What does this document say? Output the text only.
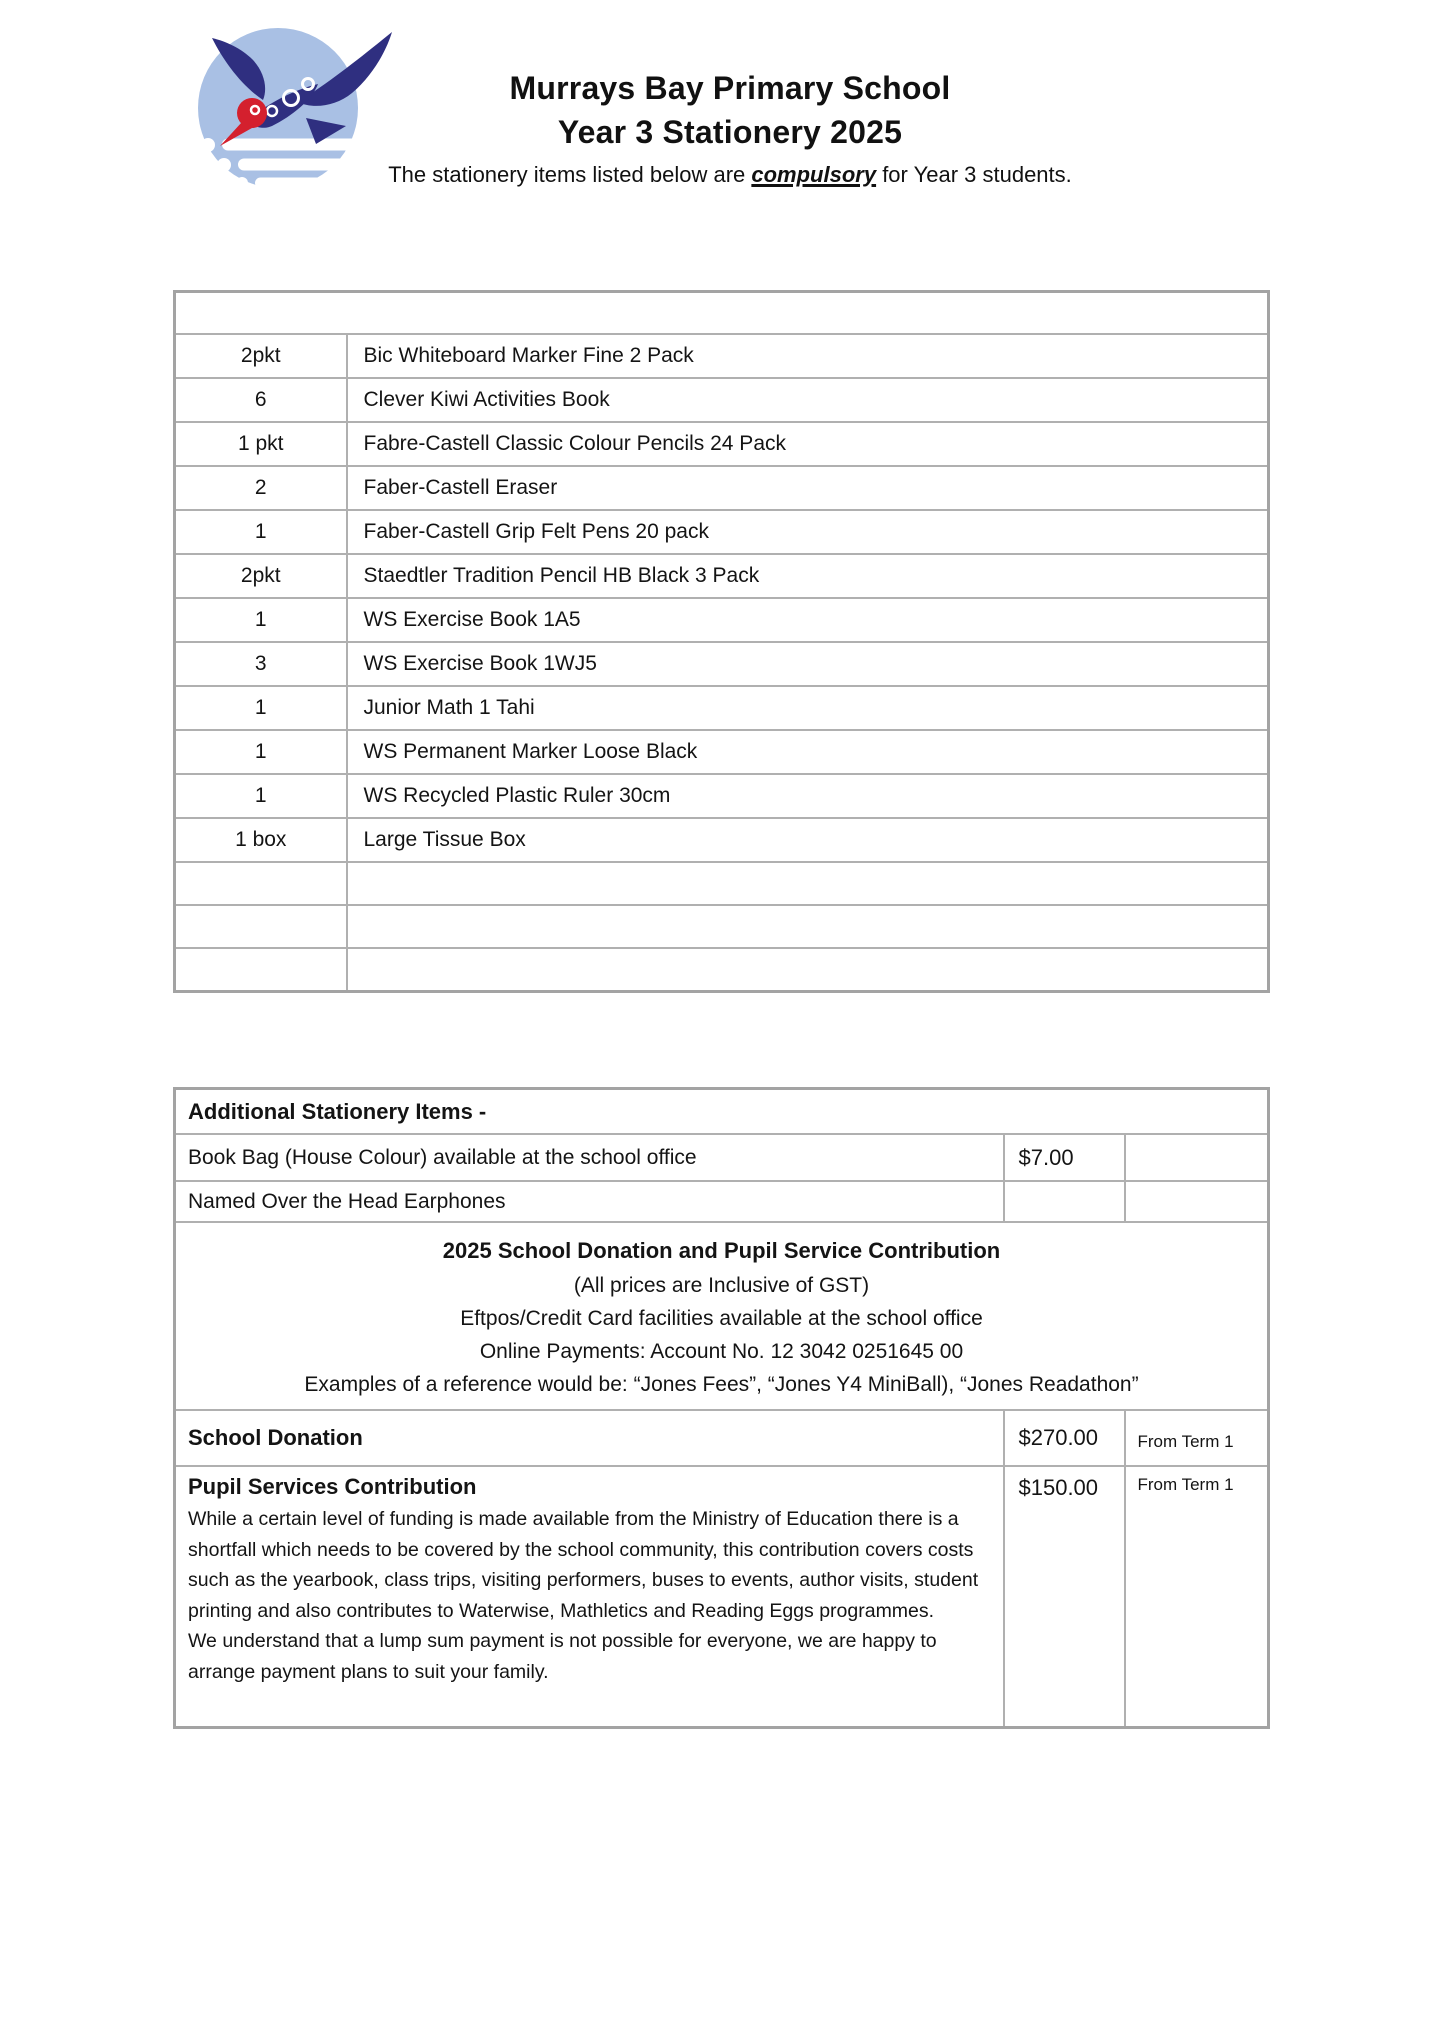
Murrays Bay Primary School
Year 3 Stationery 2025

The stationery items listed below are compulsory for Year 3 students.

2pkt	Bic Whiteboard Marker Fine 2 Pack
6	Clever Kiwi Activities Book
1 pkt	Fabre-Castell Classic Colour Pencils 24 Pack
2	Faber-Castell Eraser
1	Faber-Castell Grip Felt Pens 20 pack
2pkt	Staedtler Tradition Pencil HB Black 3 Pack
1	WS Exercise Book 1A5
3	WS Exercise Book 1WJ5
1	Junior Math 1 Tahi
1	WS Permanent Marker Loose Black
1	WS Recycled Plastic Ruler 30cm
1 box	Large Tissue Box

Additional Stationery Items -		
Book Bag (House Colour) available at the school office	$7.00	
Named Over the Head Earphones		

2025 School Donation and Pupil Service Contribution
(All prices are Inclusive of GST)
Eftpos/Credit Card facilities available at the school office
Online Payments: Account No. 12 3042 0251645 00
Examples of a reference would be: “Jones Fees”, “Jones Y4 MiniBall), “Jones Readathon”		

School Donation	$270.00	From Term 1

Pupil Services Contribution

While a certain level of funding is made available from the Ministry of Education there is a shortfall which needs to be covered by the school community, this contribution covers costs such as the yearbook, class trips, visiting performers, buses to events, author visits, student printing and also contributes to Waterwise, Mathletics and Reading Eggs programmes.

We understand that a lump sum payment is not possible for everyone, we are happy to arrange payment plans to suit your family.	$150.00	From Term 1
